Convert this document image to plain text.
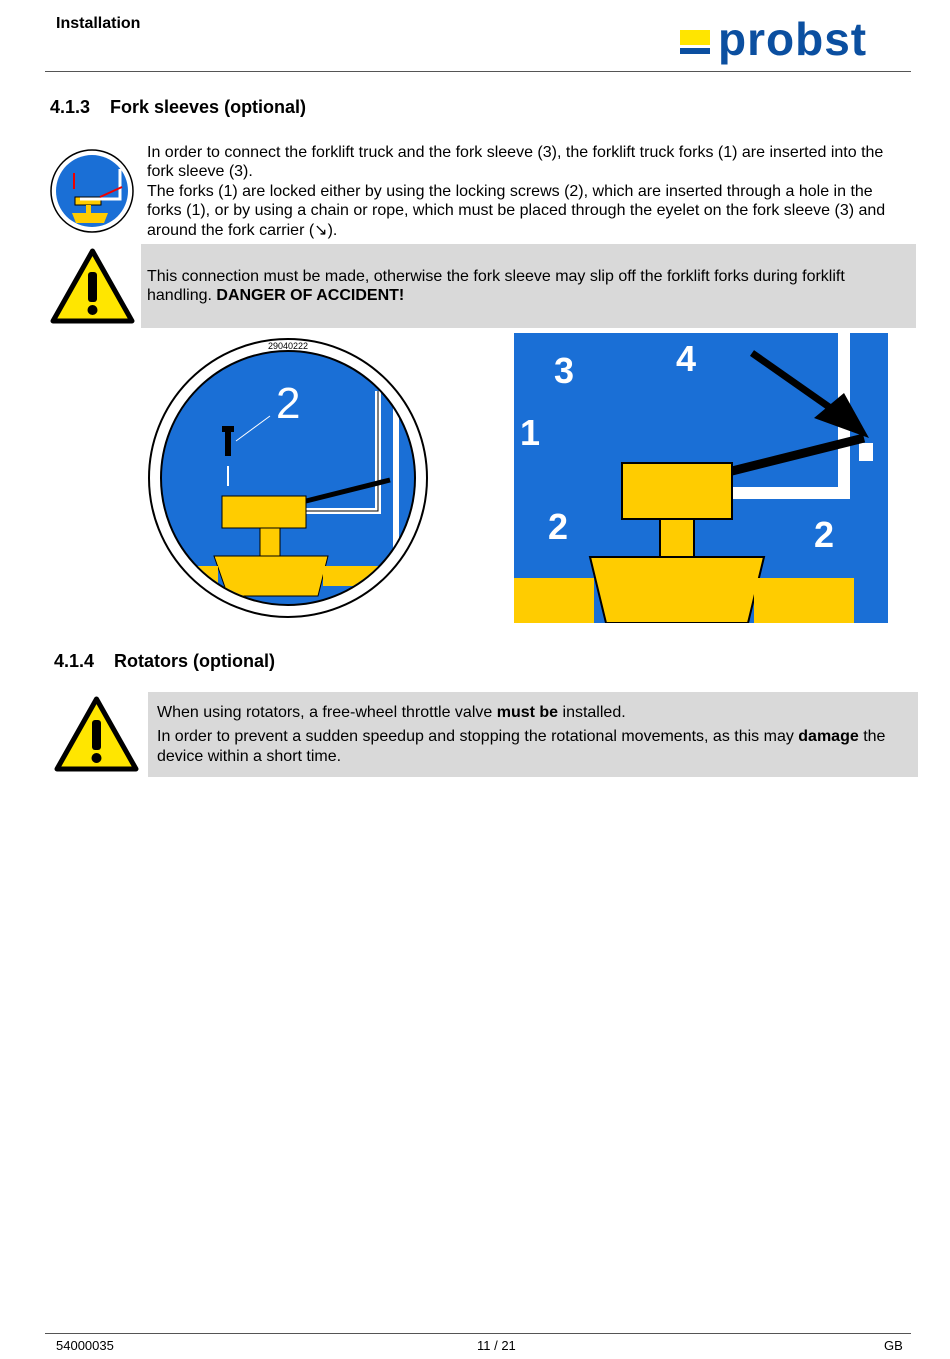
Installation	probst
4.1.3 Fork sleeves (optional)
In order to connect the forklift truck and the fork sleeve (3), the forklift truck forks (1) are inserted into the fork sleeve (3).
The forks (1) are locked either by using the locking screws (2), which are inserted through a hole in the forks (1), or by using a chain or rope, which must be placed through the eyelet on the fork sleeve (3) and around the fork carrier (↘).
This connection must be made, otherwise the fork sleeve may slip off the forklift forks during forklift handling. DANGER OF ACCIDENT!
29040222
2
3	4
1
2	2
4.1.4 Rotators (optional)
When using rotators, a free-wheel throttle valve must be installed.
In order to prevent a sudden speedup and stopping the rotational movements, as this may damage the device within a short time.
54000035	11 / 21	GB
